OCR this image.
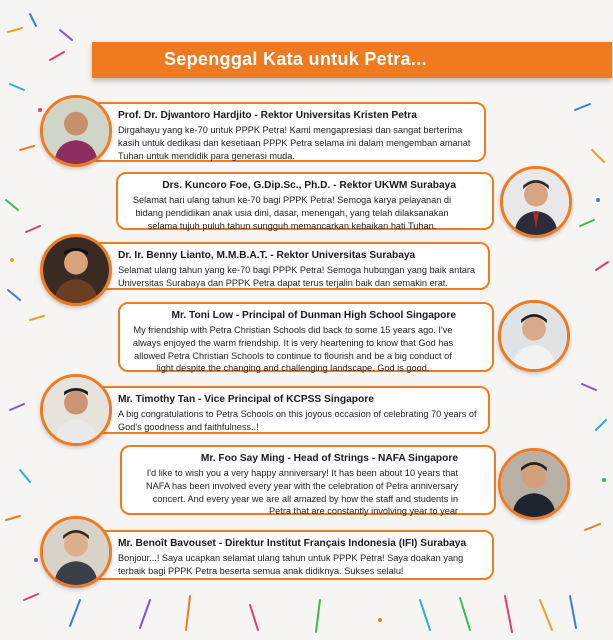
Sepenggal Kata untuk Petra...
Prof. Dr. Djwantoro Hardjito - Rektor Universitas Kristen Petra
Dirgahayu yang ke-70 untuk PPPK Petra! Kami mengapresiasi dan sangat berterima kasih untuk dedikasi dan kesetiaan PPPK Petra selama ini dalam mengemban amanat Tuhan untuk mendidik para generasi muda.
Drs. Kuncoro Foe, G.Dip.Sc., Ph.D. - Rektor UKWM Surabaya
Selamat hari ulang tahun ke-70 bagi PPPK Petra! Semoga karya pelayanan di bidang pendidikan anak usia dini, dasar, menengah, yang telah dilaksanakan selama tujuh puluh tahun sungguh memancarkan kebaikan hati Tuhan.
Dr. Ir. Benny Lianto, M.M.B.A.T. - Rektor Universitas Surabaya
Selamat ulang tahun yang ke-70 bagi PPPK Petra! Semoga hubungan yang baik antara Universitas Surabaya dan PPPK Petra dapat terus terjalin baik dan semakin erat.
Mr. Toni Low - Principal of Dunman High School Singapore
My friendship with Petra Christian Schools did back to some 15 years ago. I've always enjoyed the warm friendship. It is very heartening to know that God has allowed Petra Christian Schools to continue to flourish and be a big conduct of light despite the changing and challenging landscape. God is good.
Mr. Timothy Tan - Vice Principal of KCPSS Singapore
A big congratulations to Petra Schools on this joyous occasion of celebrating 70 years of God's goodness and faithfulness..!
Mr. Foo Say Ming - Head of Strings - NAFA Singapore
I'd like to wish you a very happy anniversary! It has been about 10 years that NAFA has been involved every year with the celebration of Petra anniversary concert. And every year we are all amazed by how the staff and students in Petra that are constantly involving year to year
Mr. Benoît Bavouset - Direktur Institut Français Indonesia (IFI) Surabaya
Bonjour...! Saya ucapkan selamat ulang tahun untuk PPPK Petra! Saya doakan yang terbaik bagi PPPK Petra beserta semua anak didiknya. Sukses selalu!
